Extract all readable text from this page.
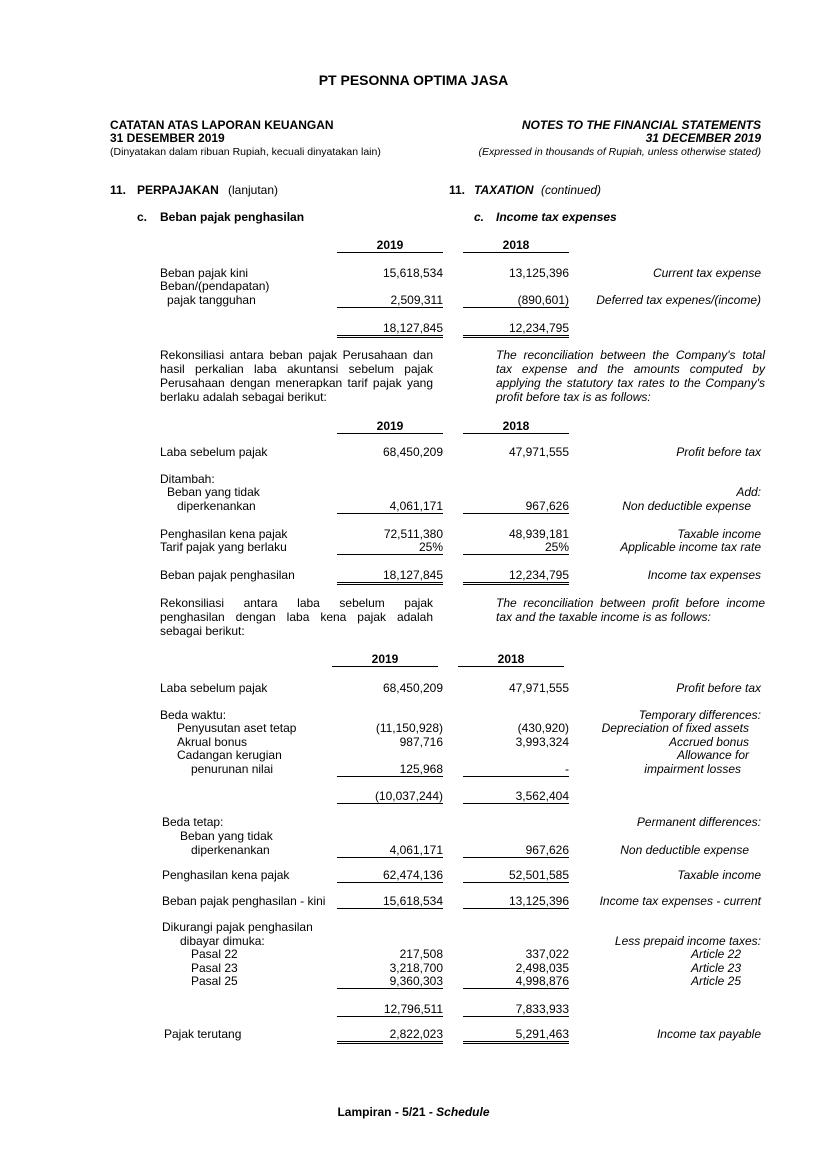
PT PESONNA OPTIMA JASA
CATATAN ATAS LAPORAN KEUANGAN
31 DESEMBER 2019
(Dinyatakan dalam ribuan Rupiah, kecuali dinyatakan lain)
NOTES TO THE FINANCIAL STATEMENTS
31 DECEMBER 2019
(Expressed in thousands of Rupiah, unless otherwise stated)
11. PERPAJAKAN (lanjutan)	11. TAXATION (continued)
c. Beban pajak penghasilan	c. Income tax expenses
2019	2018
Beban pajak kini	15,618,534	13,125,396	Current tax expense
Beban/(pendapatan)
pajak tangguhan	2,509,311	(890,601) Deferred tax expenes/(income)
18,127,845	12,234,795
Rekonsiliasi antara beban pajak Perusahaan dan hasil perkalian laba akuntansi sebelum pajak Perusahaan dengan menerapkan tarif pajak yang berlaku adalah sebagai berikut:
The reconciliation between the Company's total tax expense and the amounts computed by applying the statutory tax rates to the Company's profit before tax is as follows:
2019	2018
Laba sebelum pajak	68,450,209	47,971,555	Profit before tax
Ditambah:
Beban yang tidak	Add:
diperkenankan	4,061,171	967,626	Non deductible expense
Penghasilan kena pajak	72,511,380	48,939,181	Taxable income
Tarif pajak yang berlaku	25%	25%	Applicable income tax rate
Beban pajak penghasilan	18,127,845	12,234,795	Income tax expenses
Rekonsiliasi antara laba sebelum pajak penghasilan dengan laba kena pajak adalah sebagai berikut:
The reconciliation between profit before income tax and the taxable income is as follows:
2019	2018
Laba sebelum pajak	68,450,209	47,971,555	Profit before tax
Beda waktu:	Temporary differences:
Penyusutan aset tetap	(11,150,928)	(430,920)	Depreciation of fixed assets
Akrual bonus	987,716	3,993,324	Accrued bonus
Cadangan kerugian	Allowance for
penurunan nilai	125,968	-	impairment losses
(10,037,244)	3,562,404
Beda tetap:	Permanent differences:
Beban yang tidak
diperkenankan	4,061,171	967,626	Non deductible expense
Penghasilan kena pajak	62,474,136	52,501,585	Taxable income
Beban pajak penghasilan - kini	15,618,534	13,125,396	Income tax expenses - current
Dikurangi pajak penghasilan
dibayar dimuka:	Less prepaid income taxes:
Pasal 22	217,508	337,022	Article 22
Pasal 23	3,218,700	2,498,035	Article 23
Pasal 25	9,360,303	4,998,876	Article 25
12,796,511	7,833,933
Pajak terutang	2,822,023	5,291,463	Income tax payable
Lampiran - 5/21 - Schedule
